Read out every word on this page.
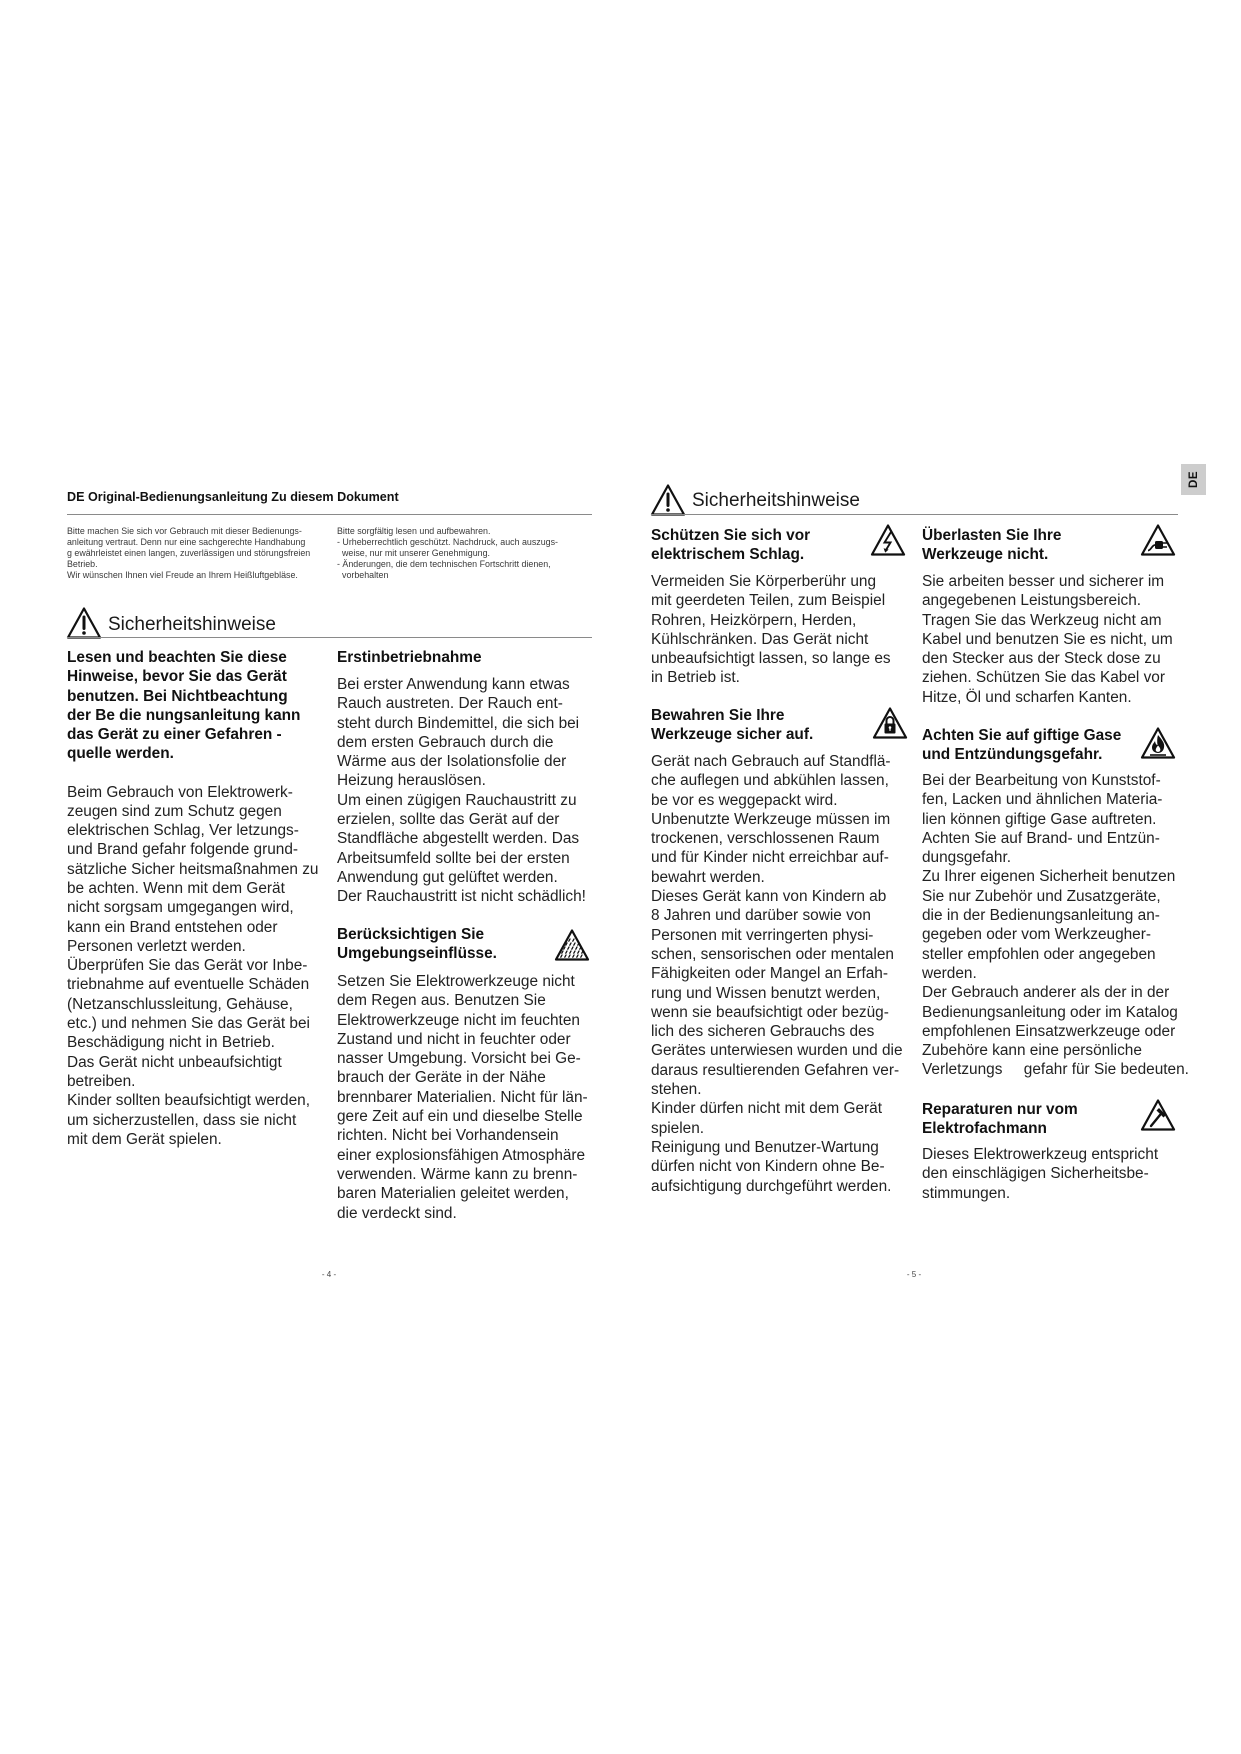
DE Original-Bedienungsanleitung Zu diesem Dokument
Bitte machen Sie sich vor Gebrauch mit dieser Bedienungs-
anleitung vertraut. Denn nur eine sachgerechte Handhabung
g ewährleistet einen langen, zuverlässigen und störungsfreien
Betrieb.
Wir wünschen Ihnen viel Freude an Ihrem Heißluftgebläse.
Bitte sorgfältig lesen und aufbewahren.
- Urheberrechtlich geschützt. Nachdruck, auch auszugs-
weise, nur mit unserer Genehmigung.
- Änderungen, die dem technischen Fortschritt dienen,
vorbehalten
Sicherheitshinweise
Lesen und beachten Sie diese
Hinweise, bevor Sie das Gerät
benutzen. Bei Nichtbeachtung
der Be die nungsanleitung kann
das Gerät zu einer Gefahren -
quelle werden.
Beim Gebrauch von Elektrowerk-
zeugen sind zum Schutz gegen
elektrischen Schlag, Ver letzungs-
und Brand gefahr folgende grund-
sätzliche Sicher heitsmaßnahmen zu
be achten. Wenn mit dem Gerät
nicht sorgsam umgegangen wird,
kann ein Brand entstehen oder
Personen verletzt werden.
Überprüfen Sie das Gerät vor Inbe-
triebnahme auf eventuelle Schäden
(Netzanschlussleitung, Gehäuse,
etc.) und nehmen Sie das Gerät bei
Beschädigung nicht in Betrieb.
Das Gerät nicht unbeaufsichtigt
betreiben.
Kinder sollten beaufsichtigt werden,
um sicherzustellen, dass sie nicht
mit dem Gerät spielen.
Erstinbetriebnahme
Bei erster Anwendung kann etwas
Rauch austreten. Der Rauch ent-
steht durch Bindemittel, die sich bei
dem ersten Gebrauch durch die
Wärme aus der Isolationsfolie der
Heizung herauslösen.
Um einen zügigen Rauchaustritt zu
erzielen, sollte das Gerät auf der
Standfläche abgestellt werden. Das
Arbeitsumfeld sollte bei der ersten
Anwendung gut gelüftet werden.
Der Rauchaustritt ist nicht schädlich!
Berücksichtigen Sie
Umgebungseinflüsse.
Setzen Sie Elektrowerkzeuge nicht
dem Regen aus. Benutzen Sie
Elektrowerkzeuge nicht im feuchten
Zustand und nicht in feuchter oder
nasser Umgebung. Vorsicht bei Ge-
brauch der Geräte in der Nähe
brennbarer Materialien. Nicht für län-
gere Zeit auf ein und dieselbe Stelle
richten. Nicht bei Vorhandensein
einer explosionsfähigen Atmosphäre
verwenden. Wärme kann zu brenn-
baren Materialien geleitet werden,
die verdeckt sind.
- 4 -
Sicherheitshinweise
DE
Schützen Sie sich vor
elektrischem Schlag.
Vermeiden Sie Körperberühr ung
mit geerdeten Teilen, zum Beispiel
Rohren, Heizkörpern, Herden,
Kühlschränken. Das Gerät nicht
unbeaufsichtigt lassen, so lange es
in Betrieb ist.
Bewahren Sie Ihre
Werkzeuge sicher auf.
Gerät nach Gebrauch auf Standflä-
che auflegen und abkühlen lassen,
be vor es weggepackt wird.
Unbenutzte Werkzeuge müssen im
trockenen, verschlossenen Raum
und für Kinder nicht erreichbar auf-
bewahrt werden.
Dieses Gerät kann von Kindern ab
8 Jahren und darüber sowie von
Personen mit verringerten physi-
schen, sensorischen oder mentalen
Fähigkeiten oder Mangel an Erfah-
rung und Wissen benutzt werden,
wenn sie beaufsichtigt oder bezüg-
lich des sicheren Gebrauchs des
Gerätes unterwiesen wurden und die
daraus resultierenden Gefahren ver-
stehen.
Kinder dürfen nicht mit dem Gerät
spielen.
Reinigung und Benutzer-Wartung
dürfen nicht von Kindern ohne Be-
aufsichtigung durchgeführt werden.
Überlasten Sie Ihre
Werkzeuge nicht.
Sie arbeiten besser und sicherer im
angegebenen Leistungsbereich.
Tragen Sie das Werkzeug nicht am
Kabel und benutzen Sie es nicht, um
den Stecker aus der Steck dose zu
ziehen. Schützen Sie das Kabel vor
Hitze, Öl und scharfen Kanten.
Achten Sie auf giftige Gase
und Entzündungsgefahr.
Bei der Bearbeitung von Kunststof-
fen, Lacken und ähnlichen Materia-
lien können giftige Gase auftreten.
Achten Sie auf Brand- und Entzün-
dungsgefahr.
Zu Ihrer eigenen Sicherheit benutzen
Sie nur Zubehör und Zusatzgeräte,
die in der Bedienungsanleitung an-
gegeben oder vom Werkzeugher-
steller empfohlen oder angegeben
werden.
Der Gebrauch anderer als der in der
Bedienungsanleitung oder im Katalog
empfohlenen Einsatzwerkzeuge oder
Zubehöre kann eine persönliche
Verletzungs     gefahr für Sie bedeuten.
Reparaturen nur vom
Elektrofachmann
Dieses Elektrowerkzeug entspricht
den einschlägigen Sicherheitsbe-
stimmungen.
- 5 -
